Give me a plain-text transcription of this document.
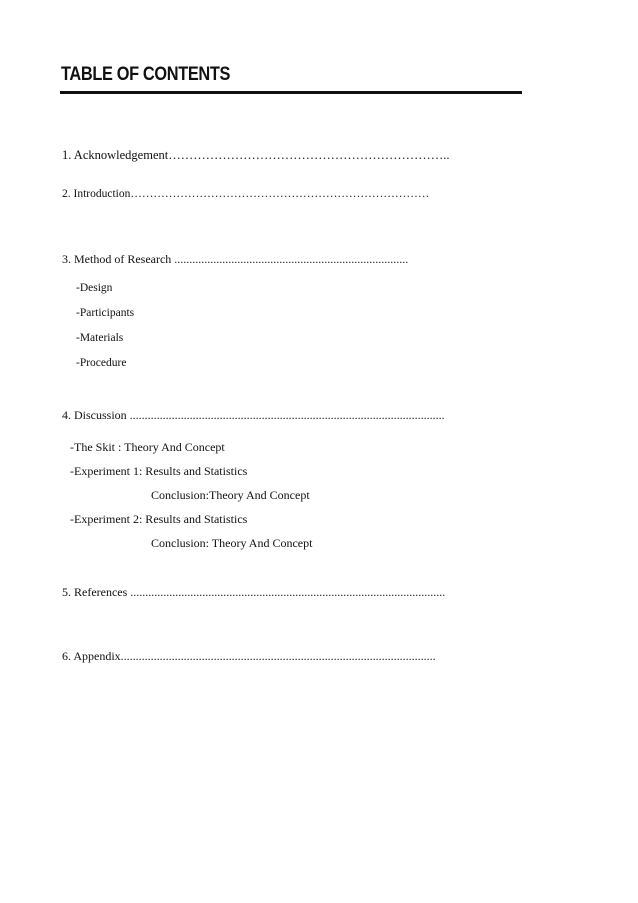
TABLE OF CONTENTS
1. Acknowledgement…………………………………………………………..
2. Introduction……………………………………………………………………
3. Method of Research ..............................................................................
-Design
-Participants
-Materials
-Procedure
4. Discussion .........................................................................................................
-The Skit : Theory And Concept
-Experiment 1: Results and Statistics
Conclusion:Theory And Concept
-Experiment 2: Results and Statistics
Conclusion: Theory And Concept
5. References .........................................................................................................
6. Appendix.........................................................................................................
